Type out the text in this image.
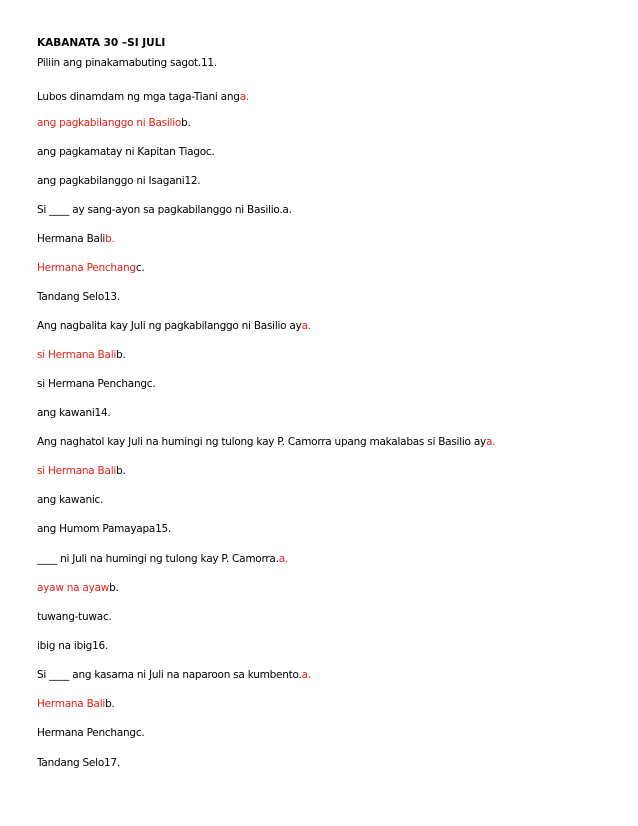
KABANATA 30 –SI JULI
Piliin ang pinakamabuting sagot.11.
Lubos dinamdam ng mga taga-Tiani anga.
ang pagkabilanggo ni Basiliob.
ang pagkamatay ni Kapitan Tiagoc.
ang pagkabilanggo ni Isagani12.
Si ____ ay sang-ayon sa pagkabilanggo ni Basilio.a.
Hermana Balib.
Hermana Penchangc.
Tandang Selo13.
Ang nagbalita kay Juli ng pagkabilanggo ni Basilio aya.
si Hermana Balib.
si Hermana Penchangc.
ang kawani14.
Ang naghatol kay Juli na humingi ng tulong kay P. Camorra upang makalabas si Basilio aya.
si Hermana Balib.
ang kawanic.
ang Humom Pamayapa15.
____ ni Juli na humingi ng tulong kay P. Camorra.a.
ayaw na ayawb.
tuwang-tuwac.
ibig na ibig16.
Si ____ ang kasama ni Juli na naparoon sa kumbento.a.
Hermana Balib.
Hermana Penchangc.
Tandang Selo17.
